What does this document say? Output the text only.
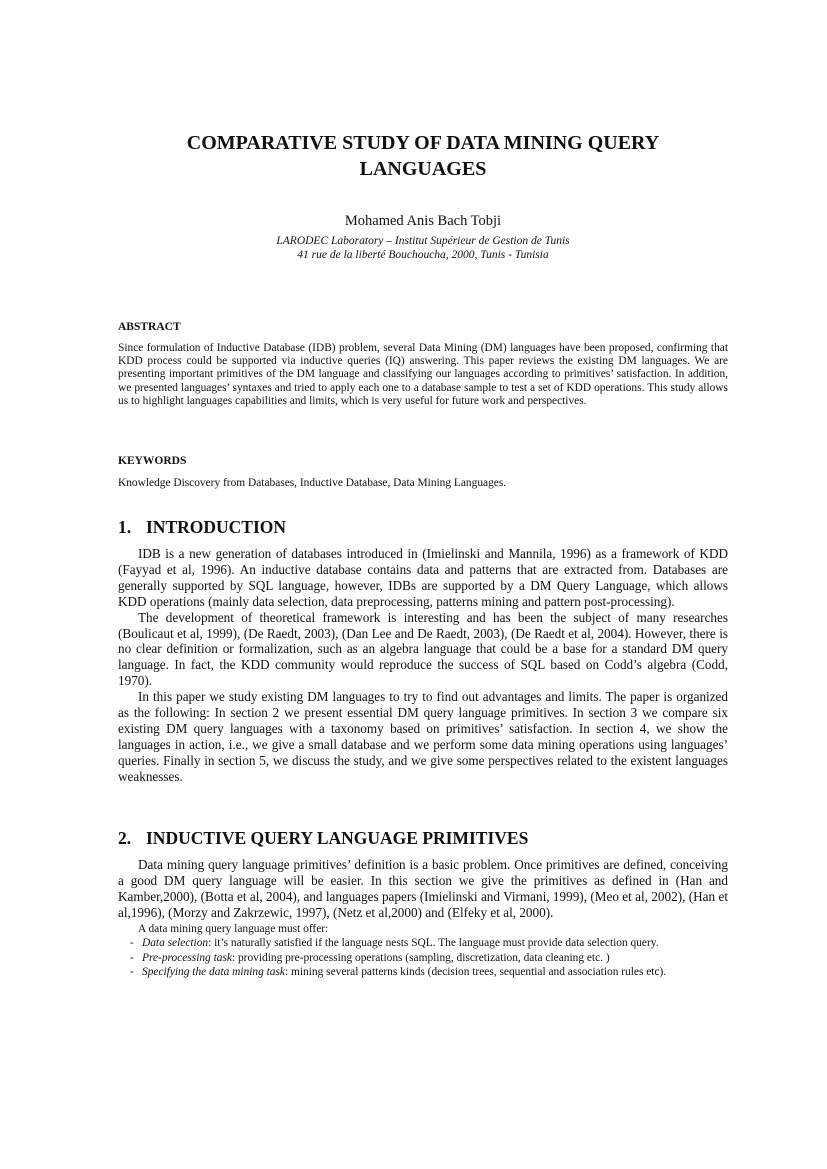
COMPARATIVE STUDY OF DATA MINING QUERY
LANGUAGES
Mohamed Anis Bach Tobji
LARODEC Laboratory – Institut Supérieur de Gestion de Tunis
41 rue de la liberté Bouchoucha, 2000, Tunis - Tunisia
ABSTRACT

Since formulation of Inductive Database (IDB) problem, several Data Mining (DM) languages have been proposed, confirming that KDD process could be supported via inductive queries (IQ) answering. This paper reviews the existing DM languages. We are presenting important primitives of the DM language and classifying our languages according to primitives’ satisfaction. In addition, we presented languages’ syntaxes and tried to apply each one to a database sample to test a set of KDD operations. This study allows us to highlight languages capabilities and limits, which is very useful for future work and perspectives.

KEYWORDS

Knowledge Discovery from Databases, Inductive Database, Data Mining Languages.

1. INTRODUCTION

IDB is a new generation of databases introduced in (Imielinski and Mannila, 1996) as a framework of KDD (Fayyad et al, 1996). An inductive database contains data and patterns that are extracted from. Databases are generally supported by SQL language, however, IDBs are supported by a DM Query Language, which allows KDD operations (mainly data selection, data preprocessing, patterns mining and pattern post-processing).

The development of theoretical framework is interesting and has been the subject of many researches (Boulicaut et al, 1999), (De Raedt, 2003), (Dan Lee and De Raedt, 2003), (De Raedt et al, 2004). However, there is no clear definition or formalization, such as an algebra language that could be a base for a standard DM query language. In fact, the KDD community would reproduce the success of SQL based on Codd’s algebra (Codd, 1970).

In this paper we study existing DM languages to try to find out advantages and limits. The paper is organized as the following: In section 2 we present essential DM query language primitives. In section 3 we compare six existing DM query languages with a taxonomy based on primitives’ satisfaction. In section 4, we show the languages in action, i.e., we give a small database and we perform some data mining operations using languages’ queries. Finally in section 5, we discuss the study, and we give some perspectives related to the existent languages weaknesses.

2. INDUCTIVE QUERY LANGUAGE PRIMITIVES

Data mining query language primitives’ definition is a basic problem. Once primitives are defined, conceiving a good DM query language will be easier. In this section we give the primitives as defined in (Han and Kamber,2000), (Botta et al, 2004), and languages papers (Imielinski and Virmani, 1999), (Meo et al, 2002), (Han et al,1996), (Morzy and Zakrzewic, 1997), (Netz et al,2000) and (Elfeky et al, 2000).

A data mining query language must offer:
- Data selection: it’s naturally satisfied if the language nests SQL. The language must provide data selection query.
- Pre-processing task: providing pre-processing operations (sampling, discretization, data cleaning etc. )
- Specifying the data mining task: mining several patterns kinds (decision trees, sequential and association rules etc).
